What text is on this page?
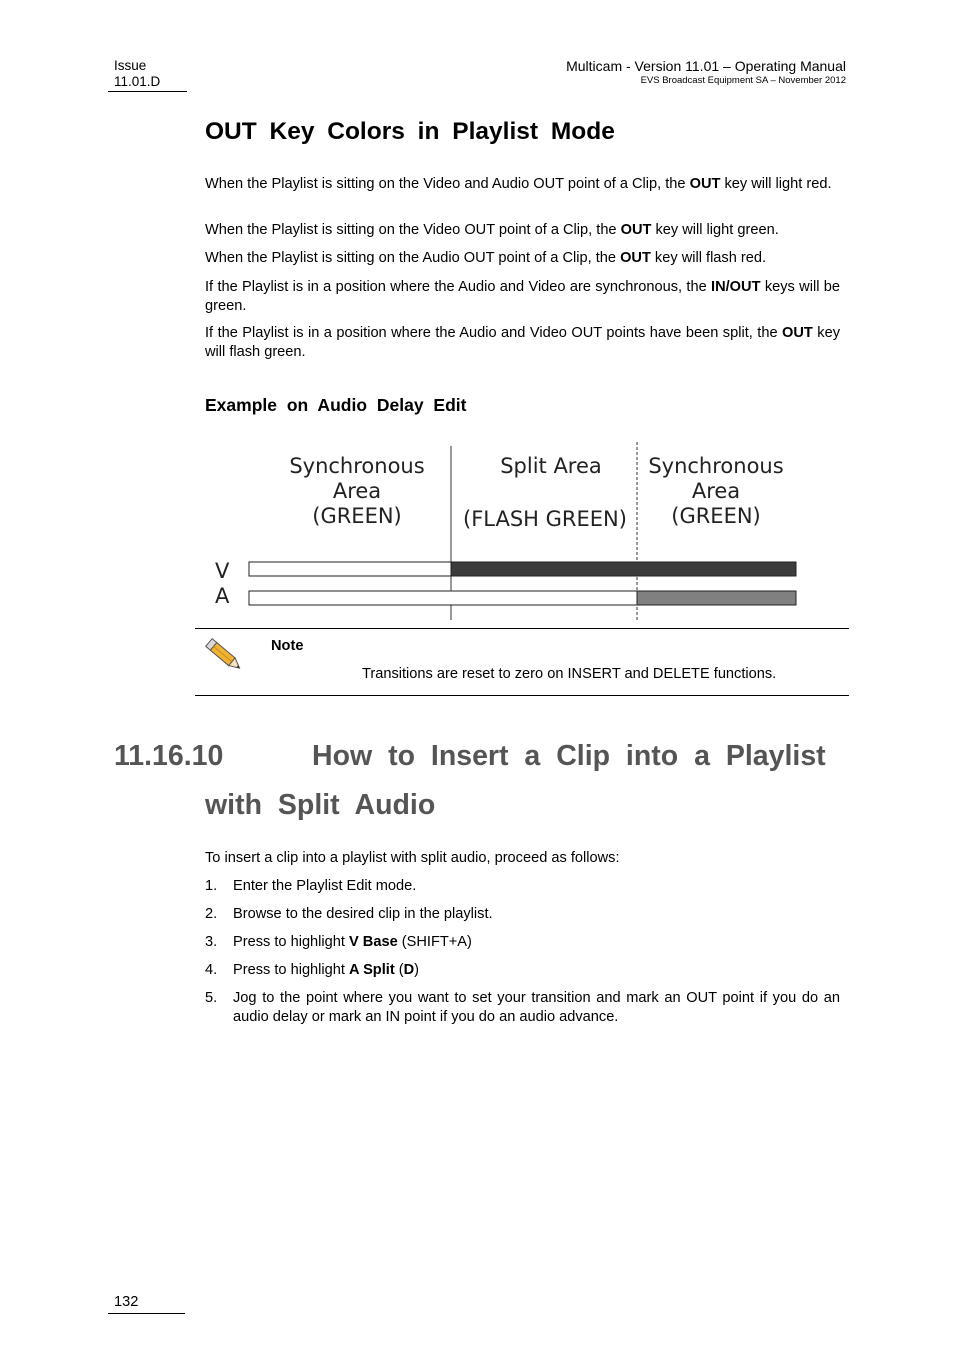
Issue
11.01.D
Multicam - Version 11.01 – Operating Manual
EVS Broadcast Equipment SA – November 2012
OUT Key Colors in Playlist Mode

When the Playlist is sitting on the Video and Audio OUT point of a Clip, the OUT key will light red.

When the Playlist is sitting on the Video OUT point of a Clip, the OUT key will light green.

When the Playlist is sitting on the Audio OUT point of a Clip, the OUT key will flash red.

If the Playlist is in a position where the Audio and Video are synchronous, the IN/OUT keys will be green.

If the Playlist is in a position where the Audio and Video OUT points have been split, the OUT key will flash green.

Example on Audio Delay Edit
Synchronous
Area
(GREEN)
Split Area
(FLASH GREEN)
Synchronous
Area
(GREEN)
V
A
Note
Transitions are reset to zero on INSERT and DELETE functions.
11.16.10	How to Insert a Clip into a Playlist
with Split Audio
To insert a clip into a playlist with split audio, proceed as follows:
1. Enter the Playlist Edit mode.
2. Browse to the desired clip in the playlist.
3. Press to highlight V Base (SHIFT+A)
4. Press to highlight A Split (D)
5. Jog to the point where you want to set your transition and mark an OUT point if you do an audio delay or mark an IN point if you do an audio advance.
132
